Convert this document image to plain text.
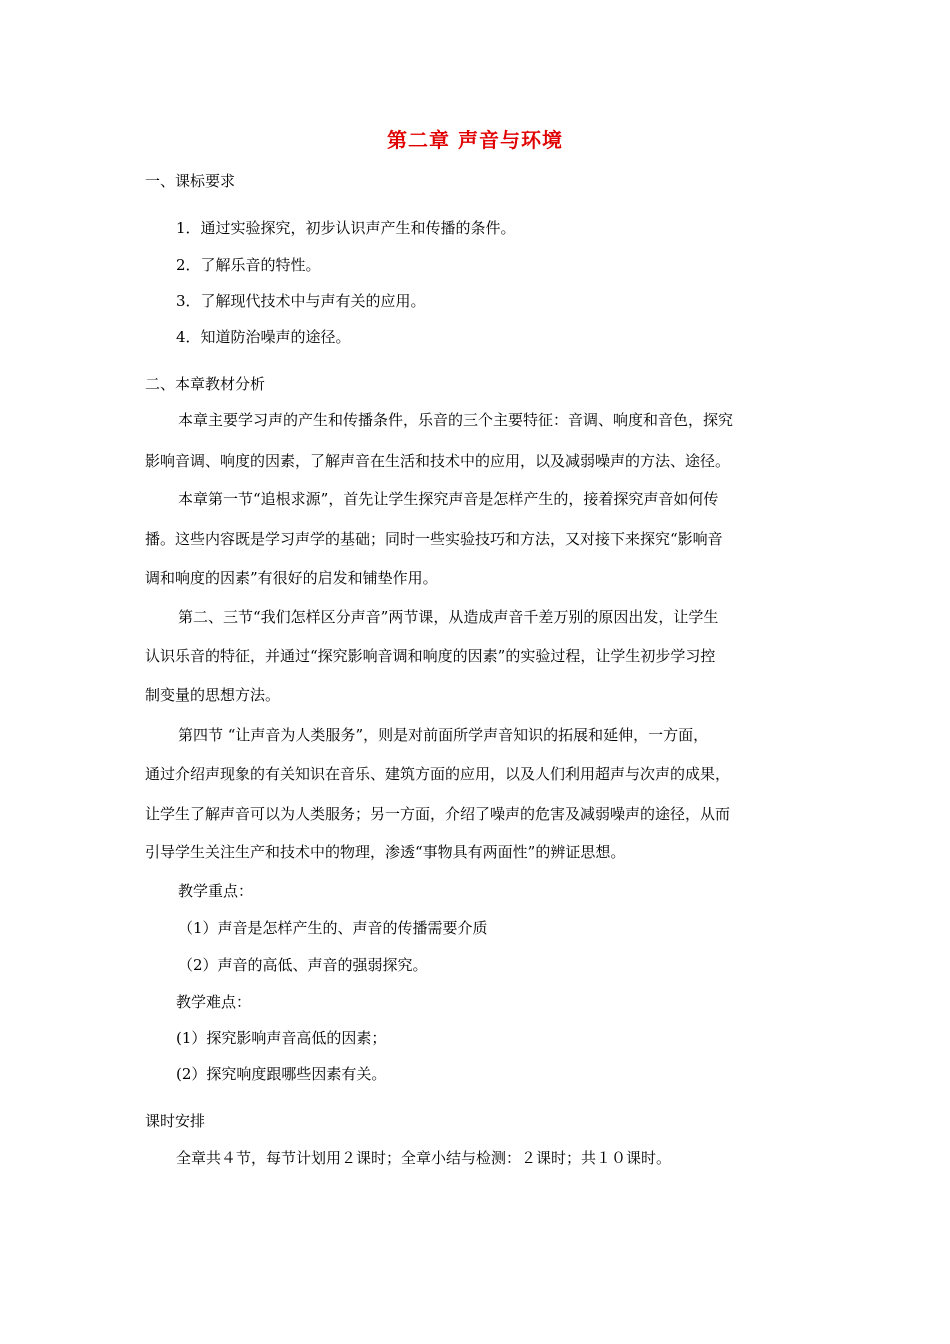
第二章 声音与环境
一、课标要求
1．通过实验探究，初步认识声产生和传播的条件。
2．了解乐音的特性。
3．了解现代技术中与声有关的应用。
4．知道防治噪声的途径。
二、本章教材分析
本章主要学习声的产生和传播条件，乐音的三个主要特征：音调、响度和音色，探究
影响音调、响度的因素，了解声音在生活和技术中的应用，以及减弱噪声的方法、途径。
本章第一节“追根求源”，首先让学生探究声音是怎样产生的，接着探究声音如何传
播。这些内容既是学习声学的基础；同时一些实验技巧和方法，又对接下来探究“影响音
调和响度的因素”有很好的启发和铺垫作用。
第二、三节“我们怎样区分声音”两节课，从造成声音千差万别的原因出发，让学生
认识乐音的特征，并通过“探究影响音调和响度的因素”的实验过程，让学生初步学习控
制变量的思想方法。
第四节 “让声音为人类服务”，则是对前面所学声音知识的拓展和延伸，一方面，
通过介绍声现象的有关知识在音乐、建筑方面的应用，以及人们利用超声与次声的成果，
让学生了解声音可以为人类服务；另一方面，介绍了噪声的危害及减弱噪声的途径，从而
引导学生关注生产和技术中的物理，渗透“事物具有两面性”的辨证思想。
教学重点：
（1）声音是怎样产生的、声音的传播需要介质
（2）声音的高低、声音的强弱探究。
教学难点：
(1）探究影响声音高低的因素；
(2）探究响度跟哪些因素有关。
课时安排
全章共４节，每节计划用２课时；全章小结与检测：２课时；共１０课时。
